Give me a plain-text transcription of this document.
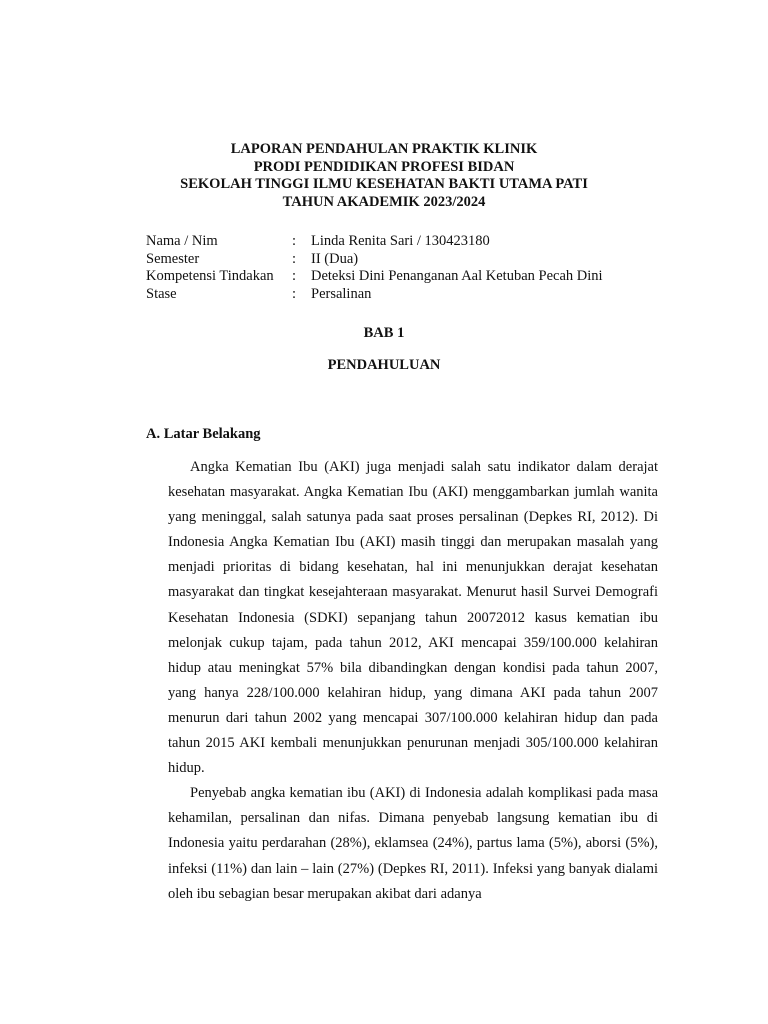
LAPORAN PENDAHULAN PRAKTIK KLINIK
PRODI PENDIDIKAN PROFESI BIDAN
SEKOLAH TINGGI ILMU KESEHATAN BAKTI UTAMA PATI
TAHUN AKADEMIK 2023/2024
Nama / Nim	:	Linda Renita Sari / 130423180
Semester	:	II (Dua)
Kompetensi Tindakan	:	Deteksi Dini Penanganan Aal Ketuban Pecah Dini
Stase	:	Persalinan
BAB 1
PENDAHULUAN
A. Latar Belakang

Angka Kematian Ibu (AKI) juga menjadi salah satu indikator dalam derajat kesehatan masyarakat. Angka Kematian Ibu (AKI) menggambarkan jumlah wanita yang meninggal, salah satunya pada saat proses persalinan (Depkes RI, 2012). Di Indonesia Angka Kematian Ibu (AKI) masih tinggi dan merupakan masalah yang menjadi prioritas di bidang kesehatan, hal ini menunjukkan derajat kesehatan masyarakat dan tingkat kesejahteraan masyarakat. Menurut hasil Survei Demografi Kesehatan Indonesia (SDKI) sepanjang tahun 20072012 kasus kematian ibu melonjak cukup tajam, pada tahun 2012, AKI mencapai 359/100.000 kelahiran hidup atau meningkat 57% bila dibandingkan dengan kondisi pada tahun 2007, yang hanya 228/100.000 kelahiran hidup, yang dimana AKI pada tahun 2007 menurun dari tahun 2002 yang mencapai 307/100.000 kelahiran hidup dan pada tahun 2015 AKI kembali menunjukkan penurunan menjadi 305/100.000 kelahiran hidup.

Penyebab angka kematian ibu (AKI) di Indonesia adalah komplikasi pada masa kehamilan, persalinan dan nifas. Dimana penyebab langsung kematian ibu di Indonesia yaitu perdarahan (28%), eklamsea (24%), partus lama (5%), aborsi (5%), infeksi (11%) dan lain – lain (27%) (Depkes RI, 2011). Infeksi yang banyak dialami oleh ibu sebagian besar merupakan akibat dari adanya
